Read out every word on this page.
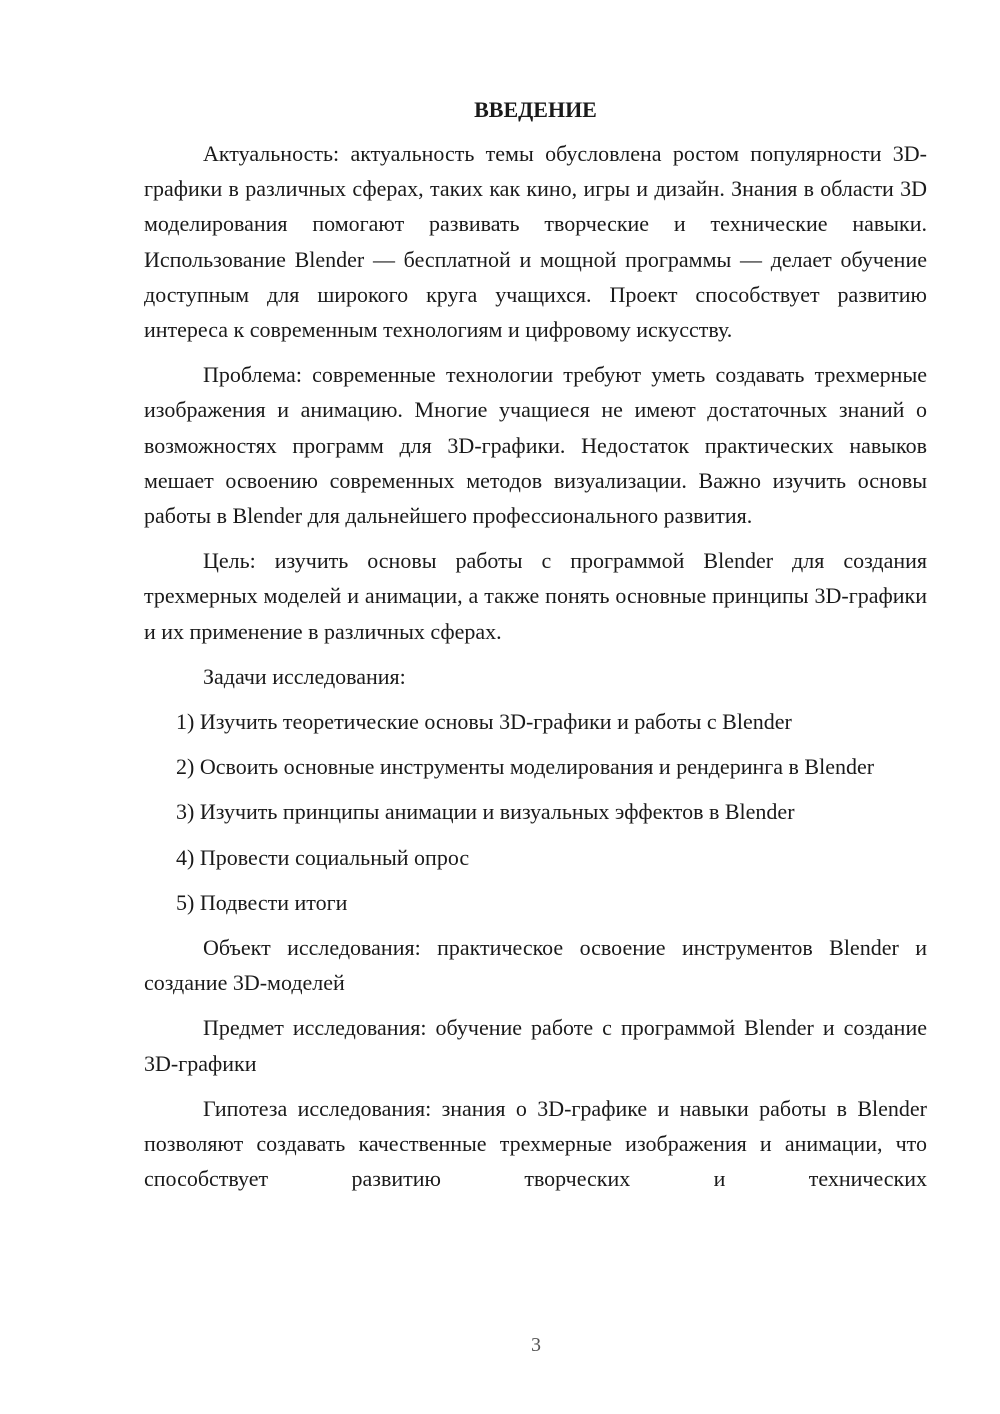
ВВЕДЕНИЕ

Актуальность: актуальность темы обусловлена ростом популярности 3D-графики в различных сферах, таких как кино, игры и дизайн. Знания в области 3D моделирования помогают развивать творческие и технические навыки. Использование Blender — бесплатной и мощной программы — делает обучение доступным для широкого круга учащихся. Проект способствует развитию интереса к современным технологиям и цифровому искусству.

Проблема: современные технологии требуют уметь создавать трехмерные изображения и анимацию. Многие учащиеся не имеют достаточных знаний о возможностях программ для 3D-графики. Недостаток практических навыков мешает освоению современных методов визуализации. Важно изучить основы работы в Blender для дальнейшего профессионального развития.

Цель: изучить основы работы с программой Blender для создания трехмерных моделей и анимации, а также понять основные принципы 3D-графики и их применение в различных сферах.

Задачи исследования:

1) Изучить теоретические основы 3D-графики и работы с Blender

2) Освоить основные инструменты моделирования и рендеринга в Blender

3) Изучить принципы анимации и визуальных эффектов в Blender

4) Провести социальный опрос

5) Подвести итоги

Объект исследования: практическое освоение инструментов Blender и создание 3D-моделей

Предмет исследования: обучение работе с программой Blender и создание 3D-графики

Гипотеза исследования: знания о 3D-графике и навыки работы в Blender позволяют создавать качественные трехмерные изображения и анимации, что способствует развитию творческих и технических

3
